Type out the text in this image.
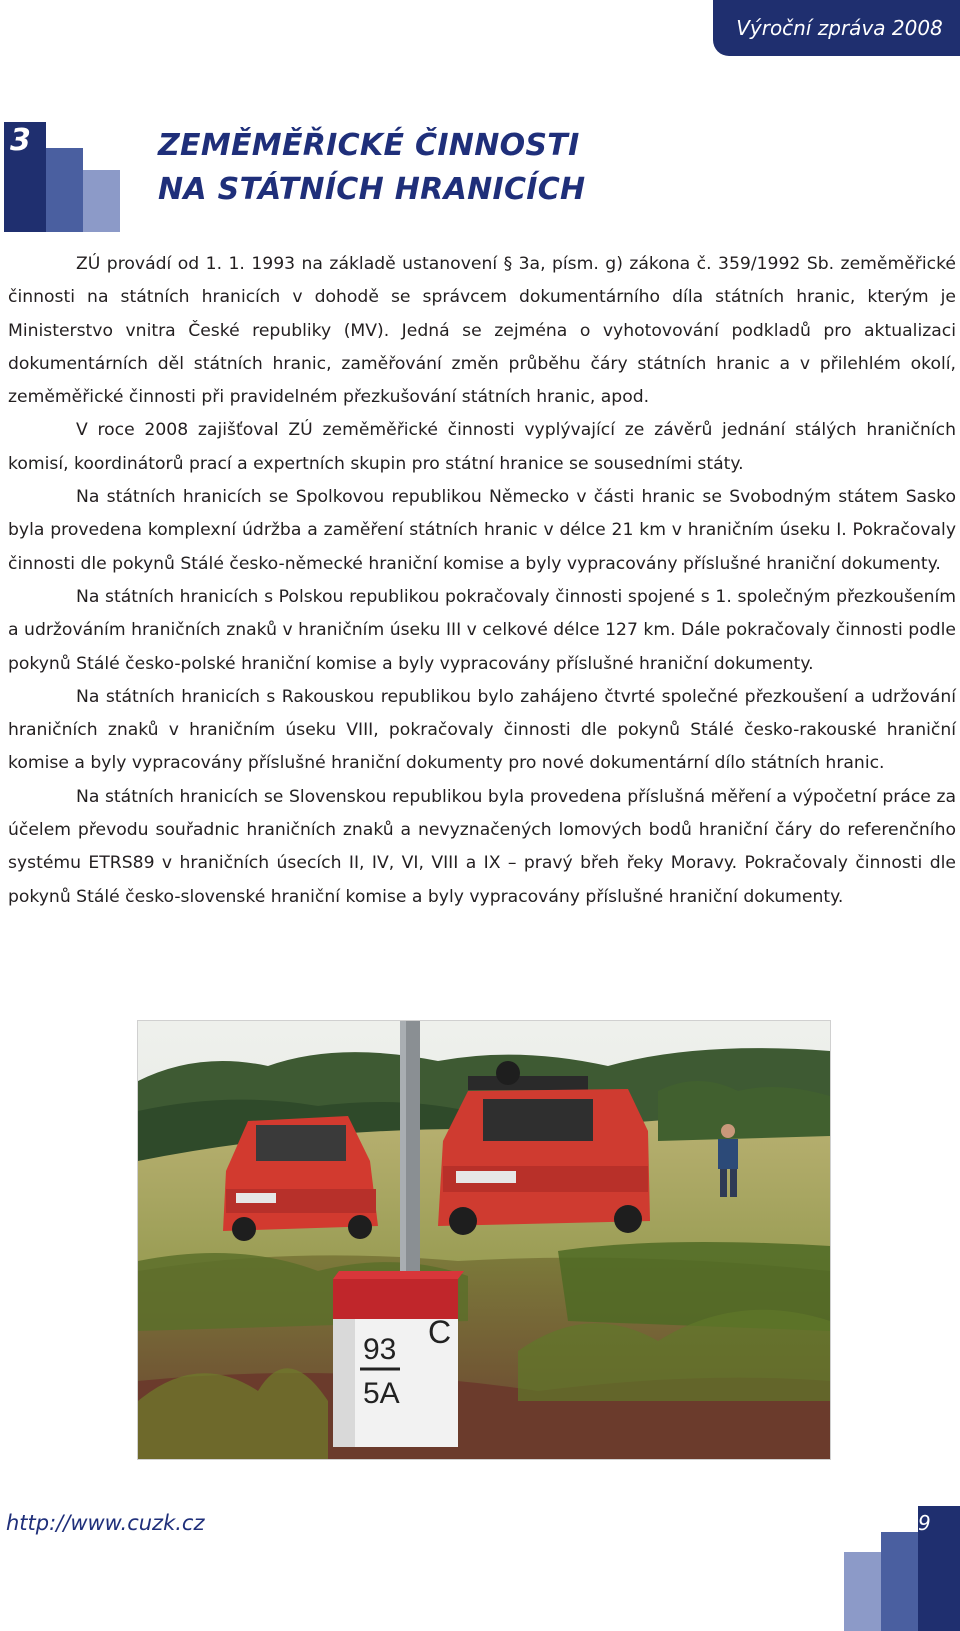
Výroční zpráva 2008
3	ZEMĚMĚŘICKÉ ČINNOSTI
NA STÁTNÍCH HRANICÍCH

ZÚ provádí od 1. 1. 1993 na základě ustanovení § 3a, písm. g) zákona č. 359/1992 Sb. zeměměřické činnosti na státních hranicích v dohodě se správcem dokumentárního díla státních hranic, kterým je Ministerstvo vnitra České republiky (MV). Jedná se zejména o vyhotovování podkladů pro aktualizaci dokumentárních děl státních hranic, zaměřování změn průběhu čáry státních hranic a v přilehlém okolí, zeměměřické činnosti při pravidelném přezkušování státních hranic, apod.

V roce 2008 zajišťoval ZÚ zeměměřické činnosti vyplývající ze závěrů jednání stálých hraničních komisí, koordinátorů prací a expertních skupin pro státní hranice se sousedními státy.

Na státních hranicích se Spolkovou republikou Německo v části hranic se Svobodným státem Sasko byla provedena komplexní údržba a zaměření státních hranic v délce 21 km v hraničním úseku I. Pokračovaly činnosti dle pokynů Stálé česko-německé hraniční komise a byly vypracovány příslušné hraniční dokumenty.

Na státních hranicích s Polskou republikou pokračovaly činnosti spojené s 1. společným přezkoušením a udržováním hraničních znaků v hraničním úseku III v celkové délce 127 km. Dále pokračovaly činnosti podle pokynů Stálé česko-polské hraniční komise a byly vypracovány příslušné hraniční dokumenty.

Na státních hranicích s Rakouskou republikou bylo zahájeno čtvrté společné přezkoušení a udržování hraničních znaků v hraničním úseku VIII, pokračovaly činnosti dle pokynů Stálé česko-rakouské hraniční komise a byly vypracovány příslušné hraniční dokumenty pro nové dokumentární dílo státních hranic.

Na státních hranicích se Slovenskou republikou byla provedena příslušná měření a výpočetní práce za účelem převodu souřadnic hraničních znaků a nevyznačených lomových bodů hraniční čáry do referenčního systému ETRS89 v hraničních úsecích II, IV, VI, VIII a IX – pravý břeh řeky Moravy. Pokračovaly činnosti dle pokynů Stálé česko-slovenské hraniční komise a byly vypracovány příslušné hraniční dokumenty.

93
5A
C
http://www.cuzk.cz	9
